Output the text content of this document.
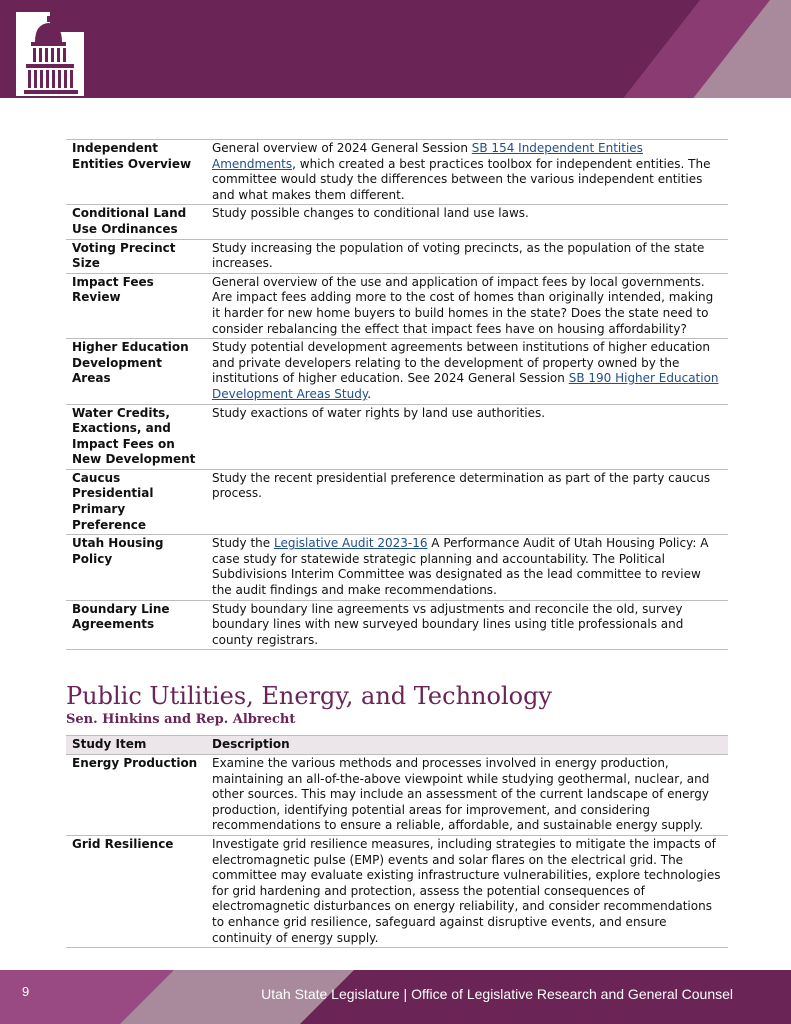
Independent Entities Overview	General overview of 2024 General Session SB 154 Independent Entities Amendments, which created a best practices toolbox for independent entities. The committee would study the differences between the various independent entities and what makes them different.
Conditional Land Use Ordinances	Study possible changes to conditional land use laws.
Voting Precinct Size	Study increasing the population of voting precincts, as the population of the state increases.
Impact Fees Review	General overview of the use and application of impact fees by local governments. Are impact fees adding more to the cost of homes than originally intended, making it harder for new home buyers to build homes in the state? Does the state need to consider rebalancing the effect that impact fees have on housing affordability?
Higher Education Development Areas	Study potential development agreements between institutions of higher education and private developers relating to the development of property owned by the institutions of higher education. See 2024 General Session SB 190 Higher Education Development Areas Study.
Water Credits, Exactions, and Impact Fees on New Development	Study exactions of water rights by land use authorities.
Caucus Presidential Primary Preference	Study the recent presidential preference determination as part of the party caucus process.
Utah Housing Policy	Study the Legislative Audit 2023-16 A Performance Audit of Utah Housing Policy: A case study for statewide strategic planning and accountability. The Political Subdivisions Interim Committee was designated as the lead committee to review the audit findings and make recommendations.
Boundary Line Agreements	Study boundary line agreements vs adjustments and reconcile the old, survey boundary lines with new surveyed boundary lines using title professionals and county registrars.
Public Utilities, Energy, and Technology
Sen. Hinkins and Rep. Albrecht
Study Item	Description
Energy Production	Examine the various methods and processes involved in energy production, maintaining an all-of-the-above viewpoint while studying geothermal, nuclear, and other sources. This may include an assessment of the current landscape of energy production, identifying potential areas for improvement, and considering recommendations to ensure a reliable, affordable, and sustainable energy supply.
Grid Resilience	Investigate grid resilience measures, including strategies to mitigate the impacts of electromagnetic pulse (EMP) events and solar flares on the electrical grid. The committee may evaluate existing infrastructure vulnerabilities, explore technologies for grid hardening and protection, assess the potential consequences of electromagnetic disturbances on energy reliability, and consider recommendations to enhance grid resilience, safeguard against disruptive events, and ensure continuity of energy supply.
9	Utah State Legislature | Office of Legislative Research and General Counsel
